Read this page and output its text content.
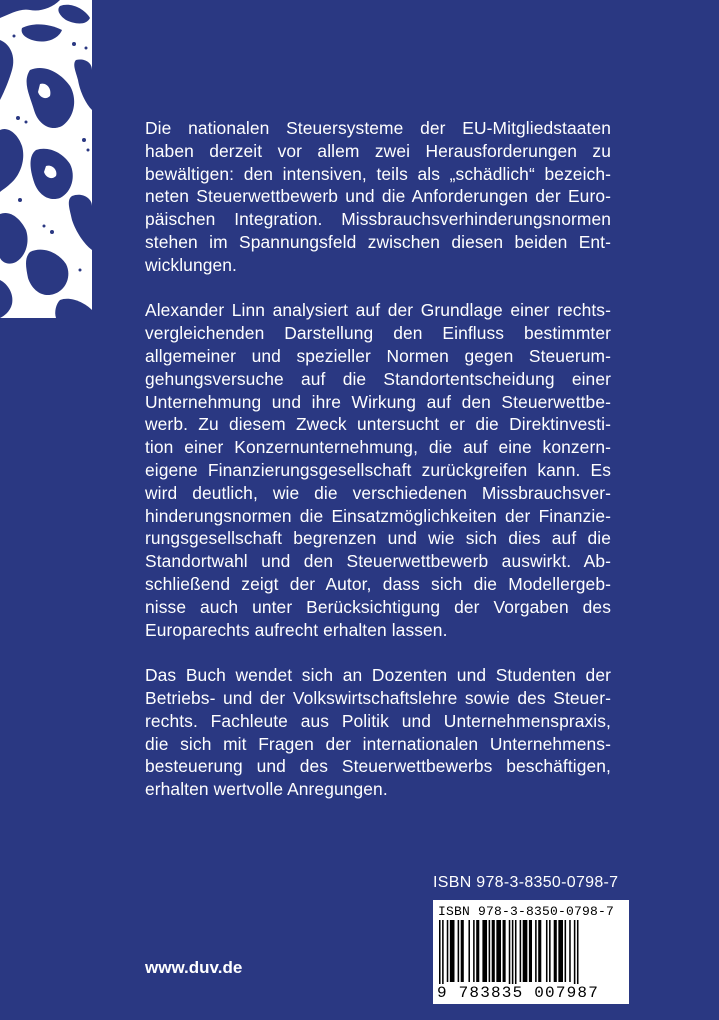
Die nationalen Steuersysteme der EU-Mitgliedstaaten
haben derzeit vor allem zwei Herausforderungen zu
bewältigen: den intensiven, teils als „schädlich“ bezeich-
neten Steuerwettbewerb und die Anforderungen der Euro-
päischen Integration. Missbrauchsverhinderungsnormen
stehen im Spannungsfeld zwischen diesen beiden Ent-
wicklungen.
Alexander Linn analysiert auf der Grundlage einer rechts-
vergleichenden Darstellung den Einfluss bestimmter
allgemeiner und spezieller Normen gegen Steuerum-
gehungsversuche auf die Standortentscheidung einer
Unternehmung und ihre Wirkung auf den Steuerwettbe-
werb. Zu diesem Zweck untersucht er die Direktinvesti-
tion einer Konzernunternehmung, die auf eine konzern-
eigene Finanzierungsgesellschaft zurückgreifen kann. Es
wird deutlich, wie die verschiedenen Missbrauchsver-
hinderungsnormen die Einsatzmöglichkeiten der Finanzie-
rungsgesellschaft begrenzen und wie sich dies auf die
Standortwahl und den Steuerwettbewerb auswirkt. Ab-
schließend zeigt der Autor, dass sich die Modellergeb-
nisse auch unter Berücksichtigung der Vorgaben des
Europarechts aufrecht erhalten lassen.
Das Buch wendet sich an Dozenten und Studenten der
Betriebs- und der Volkswirtschaftslehre sowie des Steuer-
rechts. Fachleute aus Politik und Unternehmenspraxis,
die sich mit Fragen der internationalen Unternehmens-
besteuerung und des Steuerwettbewerbs beschäftigen,
erhalten wertvolle Anregungen.
ISBN 978-3-8350-0798-7
ISBN 978-3-8350-0798-7
9 783835 007987
www.duv.de
